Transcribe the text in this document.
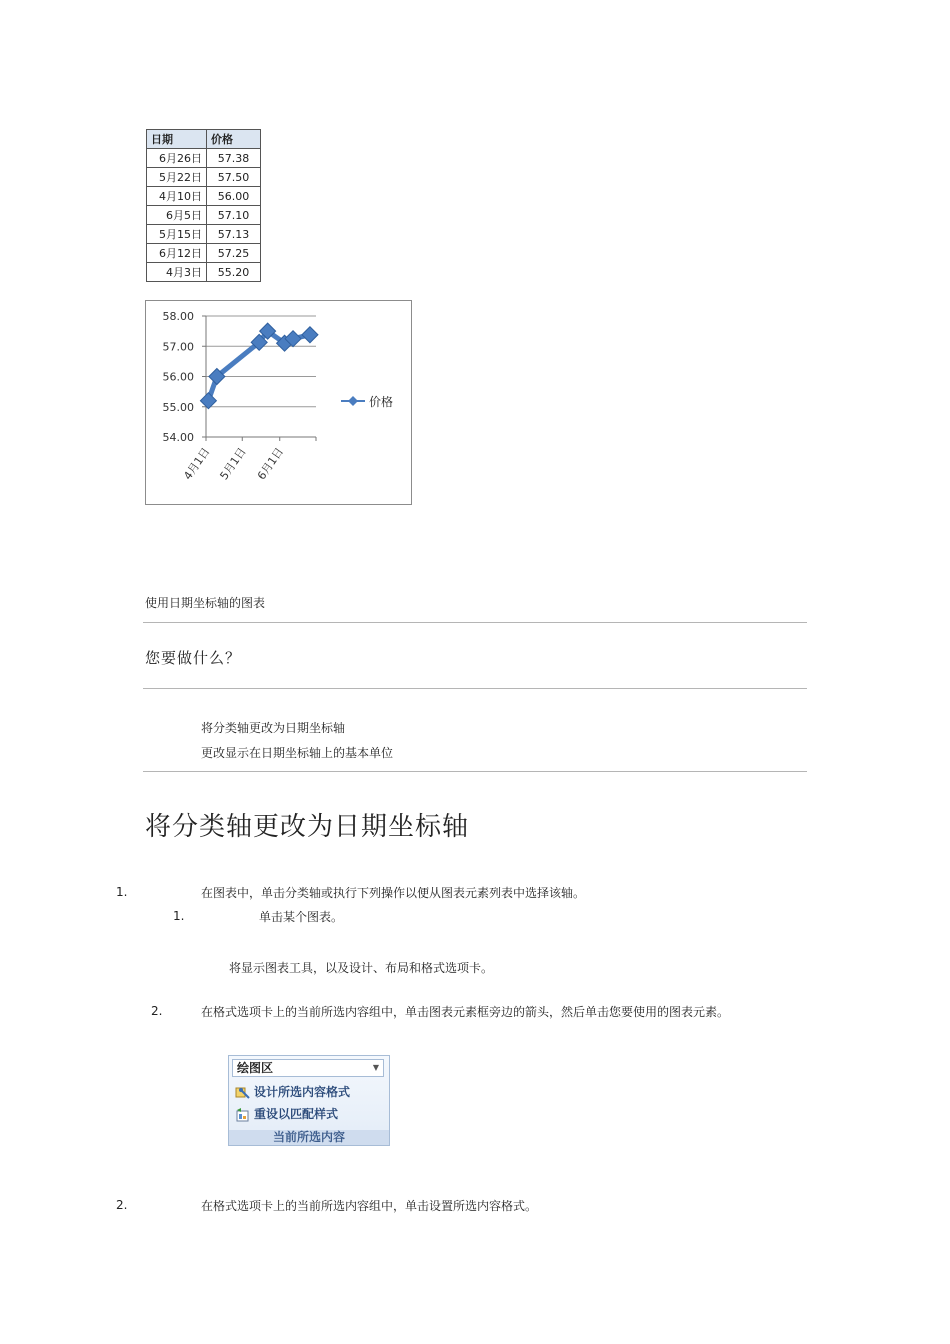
日期	价格
6月26日	57.38
5月22日	57.50
4月10日	56.00
6月5日	57.10
5月15日	57.13
6月12日	57.25
4月3日	55.20
54.00
55.00
56.00
57.00
58.00
4月1日 5月1日 6月1日
价格
使用日期坐标轴的图表
您要做什么？
将分类轴更改为日期坐标轴
更改显示在日期坐标轴上的基本单位
将分类轴更改为日期坐标轴
1.	在图表中，单击分类轴或执行下列操作以便从图表元素列表中选择该轴。
1.	单击某个图表。
将显示图表工具，以及设计、布局和格式选项卡。
2.	在格式选项卡上的当前所选内容组中，单击图表元素框旁边的箭头，然后单击您要使用的图表元素。
绘图区	▼
设计所选内容格式
重设以匹配样式
当前所选内容
2.	在格式选项卡上的当前所选内容组中，单击设置所选内容格式。
